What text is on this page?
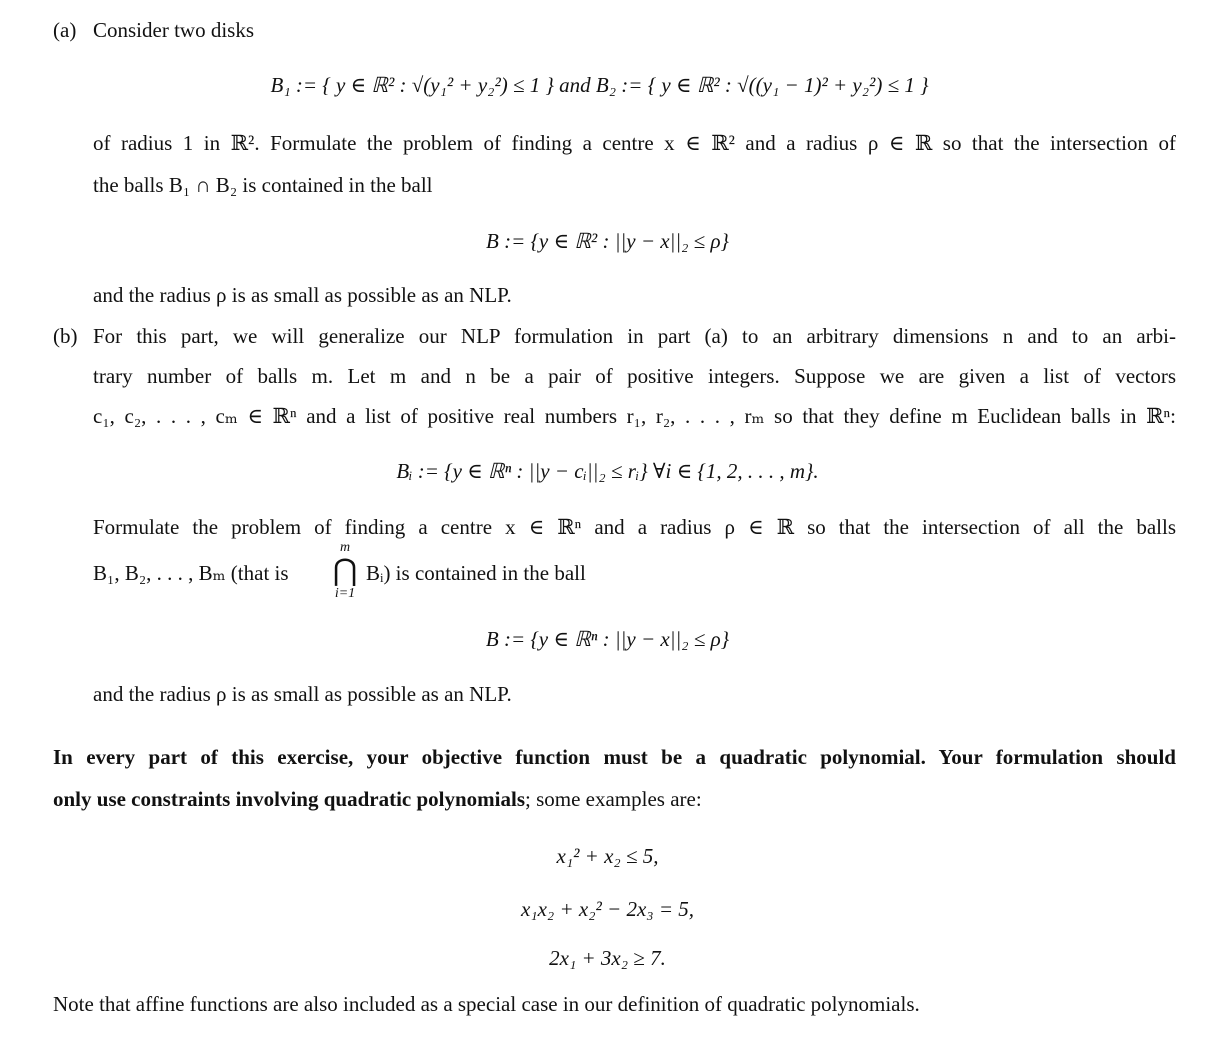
(a) Consider two disks
B₁ := { y ∈ ℝ² : √(y₁² + y₂²) ≤ 1 } and B₂ := { y ∈ ℝ² : √((y₁ − 1)² + y₂²) ≤ 1 }
of radius 1 in ℝ². Formulate the problem of finding a centre x ∈ ℝ² and a radius ρ ∈ ℝ so that the intersection of
the balls B₁ ∩ B₂ is contained in the ball
B := {y ∈ ℝ² : ||y − x||₂ ≤ ρ}
and the radius ρ is as small as possible as an NLP.
(b) For this part, we will generalize our NLP formulation in part (a) to an arbitrary dimensions n and to an arbi-
trary number of balls m. Let m and n be a pair of positive integers. Suppose we are given a list of vectors
c₁, c₂, . . . , cₘ ∈ ℝⁿ and a list of positive real numbers r₁, r₂, . . . , rₘ so that they define m Euclidean balls in ℝⁿ:
Bᵢ := {y ∈ ℝⁿ : ||y − cᵢ||₂ ≤ rᵢ} ∀i ∈ {1, 2, . . . , m}.
Formulate the problem of finding a centre x ∈ ℝⁿ and a radius ρ ∈ ℝ so that the intersection of all the balls
B₁, B₂, . . . , Bₘ (that is
m
⋂
i=1
Bᵢ) is contained in the ball
B := {y ∈ ℝⁿ : ||y − x||₂ ≤ ρ}
and the radius ρ is as small as possible as an NLP.
In every part of this exercise, your objective function must be a quadratic polynomial. Your formulation should
only use constraints involving quadratic polynomials; some examples are:
x₁² + x₂ ≤ 5,
x₁x₂ + x₂² − 2x₃ = 5,
2x₁ + 3x₂ ≥ 7.
Note that affine functions are also included as a special case in our definition of quadratic polynomials.
